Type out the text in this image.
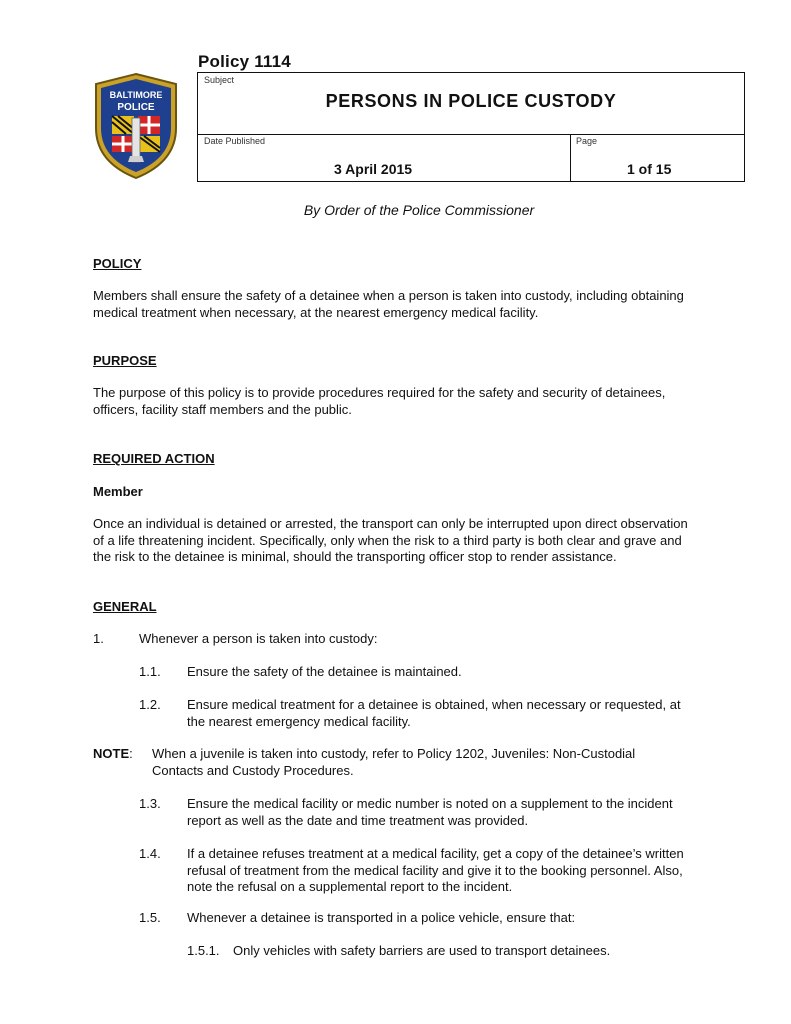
Policy 1114
BALTIMORE
POLICE
Subject
PERSONS IN POLICE CUSTODY
Date Published
3 April 2015
Page
1 of 15
By Order of the Police Commissioner
POLICY
Members shall ensure the safety of a detainee when a person is taken into custody, including obtaining
medical treatment when necessary, at the nearest emergency medical facility.
PURPOSE
The purpose of this policy is to provide procedures required for the safety and security of detainees,
officers, facility staff members and the public.
REQUIRED ACTION
Member
Once an individual is detained or arrested, the transport can only be interrupted upon direct observation
of a life threatening incident. Specifically, only when the risk to a third party is both clear and grave and
the risk to the detainee is minimal, should the transporting officer stop to render assistance.
GENERAL
1.	Whenever a person is taken into custody:
1.1. Ensure the safety of the detainee is maintained.
1.2. Ensure medical treatment for a detainee is obtained, when necessary or requested, at
the nearest emergency medical facility.
NOTE: When a juvenile is taken into custody, refer to Policy 1202, Juveniles: Non-Custodial
Contacts and Custody Procedures.
1.3. Ensure the medical facility or medic number is noted on a supplement to the incident
report as well as the date and time treatment was provided.
1.4. If a detainee refuses treatment at a medical facility, get a copy of the detainee’s written
refusal of treatment from the medical facility and give it to the booking personnel. Also,
note the refusal on a supplemental report to the incident.
1.5. Whenever a detainee is transported in a police vehicle, ensure that:
1.5.1. Only vehicles with safety barriers are used to transport detainees.
